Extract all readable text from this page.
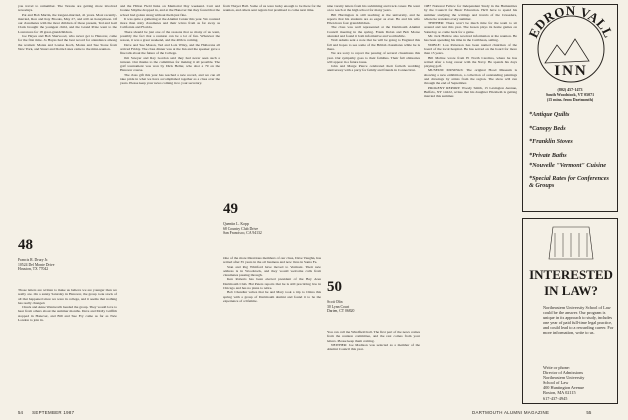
you travel to remember. The Texans are getting more involved nowadays.

Pat and Bob Martin, the longest-married, 41 years. Most recently-married, Ron and Kay Brooks, May 27, and still on honeymoon. Of our classmates with the most children of those present, Ted and Gail Clark brought the youngest child, and the Grand Prize went to the Lawrences for 18 great-grandchildren.

Joe Hayes and Bob Sherwood, who never get to Hanover, came for the first time. Jo Hayes had the best record for attendance among the women: Monte and Louise Koch, Monte and Sue Stone from New York, and Stuart and Dottie Lines came to the mini-reunion.

48
Francis R. Drury Jr.
10524 Del Monte Drive
Houston, TX 77042

Those letters are written to make us believe we are younger than we really are. On a sunny Saturday in Hanover, the group took stock of all that happened since we were in college, and it seems that nothing has really changed.

Chuck and Anne Wentworth headed the group. They would love to hear from others about the summer months. Dave and Molly Griffith stopped in Hanover, and Bill and Sue Fry came as far as New London to join in.

and the Hilton Field links on Memorial Day weekend. Curt and Joanne Smythe dropped in, and at the Hanover Inn they found that the school had gotten along without them just fine.

It was quite a gathering at the Alumni Center this year. We counted more than sixty classmates and their wives from as far away as California and Florida.

There should be just one of the reasons that so many of us went, possibly the fact that a reunion can be a lot of fun. Whatever the reason, it was a great weekend, and the 40th is coming.

Dave and Sue Mason, Ted and Lois Wiley, and the Hallorans all arrived Friday. The class dinner was at the Inn and the speaker gave a fine talk about the future of the College.

Jim Sawyer and Ray Gordon said they had never seen such a turnout. Our thanks to the committee for making it all possible. The golf tournament was won by Dick Heller, who shot a 79 on the Hanover course.

The class gift this year has reached a new record, and we can all take pride in what we have accomplished together as a class over the years. Please keep your news coming in to your secretary.

from Thayer Hall. Some of us were lucky enough to be there for the reunion, and others sent regrets but promised to come next time.

49
Quentin L. Kopp
68 Country Club Drive
San Francisco, CA 94132

One of the more illustrious members of our class, Dave Vaughn, has retired after 35 years in the oil business and now lives in Santa Fe.

Stan and Peg Whitford have moved to Vermont. Their new address is in Woodstock, and they would welcome calls from classmates passing through.

Ken Roberts has been elected president of the Bay Area Dartmouth Club. Hal Peters reports that he is still practicing law in Chicago and has no plans to retire.

Bob Chandler writes that he and Mary took a trip to China this spring with a group of Dartmouth alumni and found it to be the experience of a lifetime.

nine varsity letters from his swimming and track career. He went on to teach at the high school for many years.

Bill Harrington is still teaching at the university, and he reports that his students are as eager as ever. He and his wife Ellen have four grandchildren.

The class was well represented at the Dartmouth Alumni Council meeting in the spring. Frank Dolan and Bob Morse attended and found it both informative and worthwhile.

Walt Adams sent a note that he will be going to England this fall and hopes to see some of the British classmates while he is there.

We are sorry to report the passing of several classmates this year. Our sympathy goes to their families. Their full obituaries will appear in a future issue.

John and Marge Pierce celebrated their fortieth wedding anniversary with a party for family and friends in Connecticut.

50
Scott Olin
30 Lynn Court
Darien, CT 06820

You can call me Windfield hall. The first part of the news comes from the reunion committee, and the rest comes from your letters. Please keep them coming.

NEITHER: Joe Madison was selected as a member of the Alumni Council this year.

1987 National Fellow for Independent Study in the Humanities by the Council for Basic Education. He'll have to spend his summer studying the writings and travels of the Crusaders, where he wanders every summer.

THITHER: There won't be much time for the team to sit around and rest this year. The Green plays its home games on Saturday, so come back for a game.

Mr. Jack Hallow also received information at the reunion. He has been spending his time in the Caribbean, sailing.

NOBLE: Lou Patterson has been named chairman of the board of the local hospital. He has served on the board for more than 15 years.

Bill Moline wrote from El North Carolina, where he has retired after a long career with the Navy. He spends his days playing golf.

MUSEUM MUSINGS: The original Hood Museum is showing a new exhibition, a collection of outstanding paintings and drawings by artists from the region. The show will run through the end of September.

PROGENY REPORT: Woody Smith, 15 Lexington Avenue, Buffalo, NY 14222, writes that his daughter Elizabeth is getting married this summer.

EDRON VALL
INN
(802) 457-1473
South Woodstock, VT 05071
(15 mins. from Dartmouth)
*Antique Quilts
*Canopy Beds
*Franklin Stoves
*Private Baths
*Nouvelle "Vermont" Cuisine
*Special Rates for Conferences & Groups
INTERESTED
IN LAW?
Northeastern University School of Law could be the answer. Our program is unique in its approach to study, includes one year of paid full-time legal practice, and could lead to a rewarding career. For more information, write to us.
Write or phone:
Director of Admissions
Northeastern University
School of Law
400 Huntington Avenue
Boston, MA 02115
617-437-4945
54 SEPTEMBER 1987	DARTMOUTH ALUMNI MAGAZINE	55
